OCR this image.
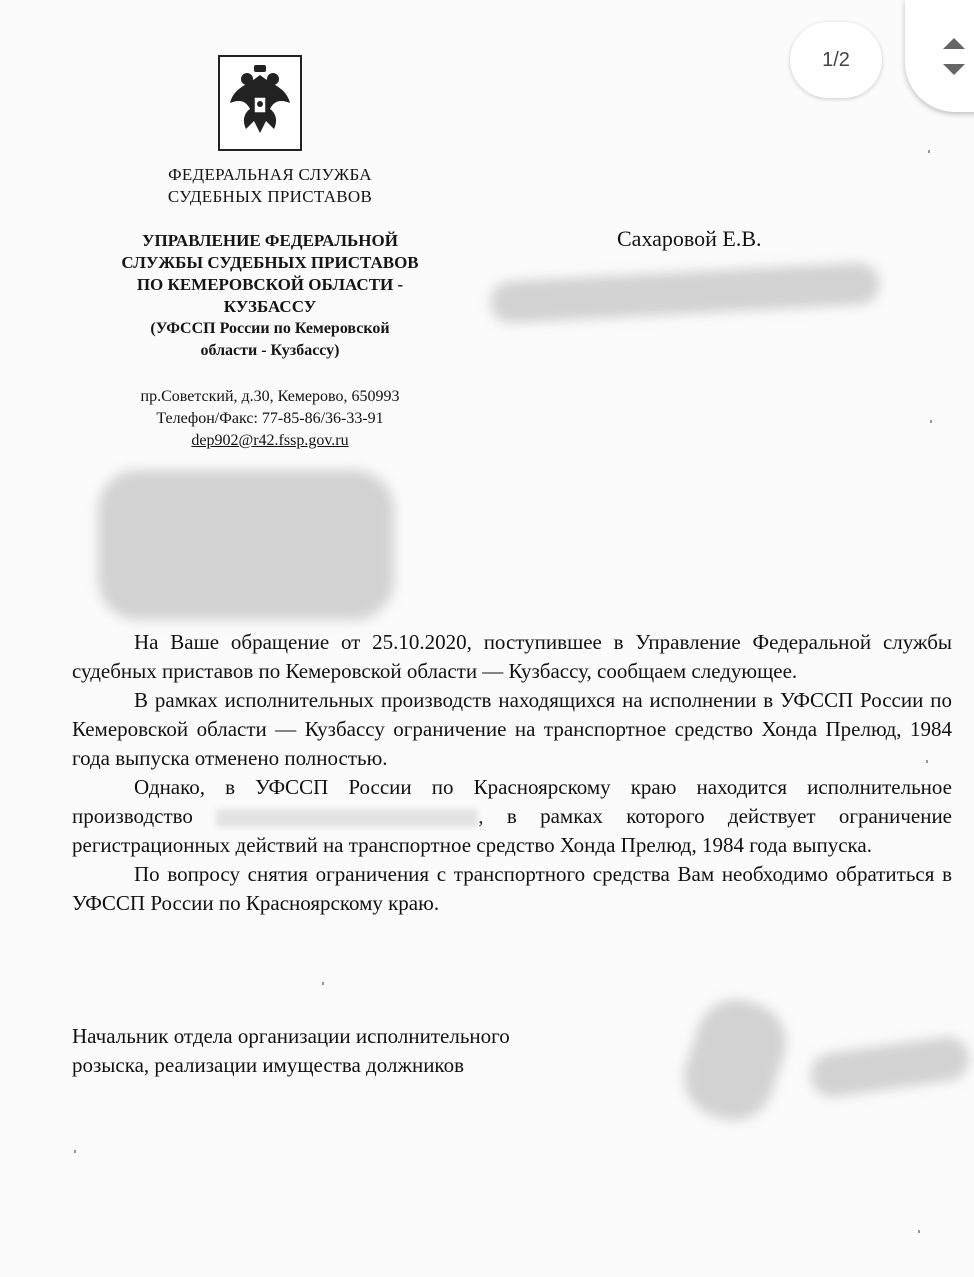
ФЕДЕРАЛЬНАЯ СЛУЖБА
СУДЕБНЫХ ПРИСТАВОВ
УПРАВЛЕНИЕ ФЕДЕРАЛЬНОЙ
СЛУЖБЫ СУДЕБНЫХ ПРИСТАВОВ
ПО КЕМЕРОВСКОЙ ОБЛАСТИ -
КУЗБАССУ
(УФССП России по Кемеровской
области - Кузбассу)
пр.Советский, д.30, Кемерово, 650993
Телефон/Факс: 77-85-86/36-33-91
dep902@r42.fssp.gov.ru
Сахаровой Е.В.

На Ваше обращение от 25.10.2020, поступившее в Управление Федеральной службы судебных приставов по Кемеровской области — Кузбассу, сообщаем следующее.

В рамках исполнительных производств находящихся на исполнении в УФССП России по Кемеровской области — Кузбассу ограничение на транспортное средство Хонда Прелюд, 1984 года выпуска отменено полностью.

Однако, в УФССП России по Красноярскому краю находится исполнительное производство	, в рамках которого действует ограничение регистрационных действий на транспортное средство Хонда Прелюд, 1984 года выпуска.

По вопросу снятия ограничения с транспортного средства Вам необходимо обратиться в УФССП России по Красноярскому краю.

Начальник отдела организации исполнительного
розыска, реализации имущества должников
1/2
